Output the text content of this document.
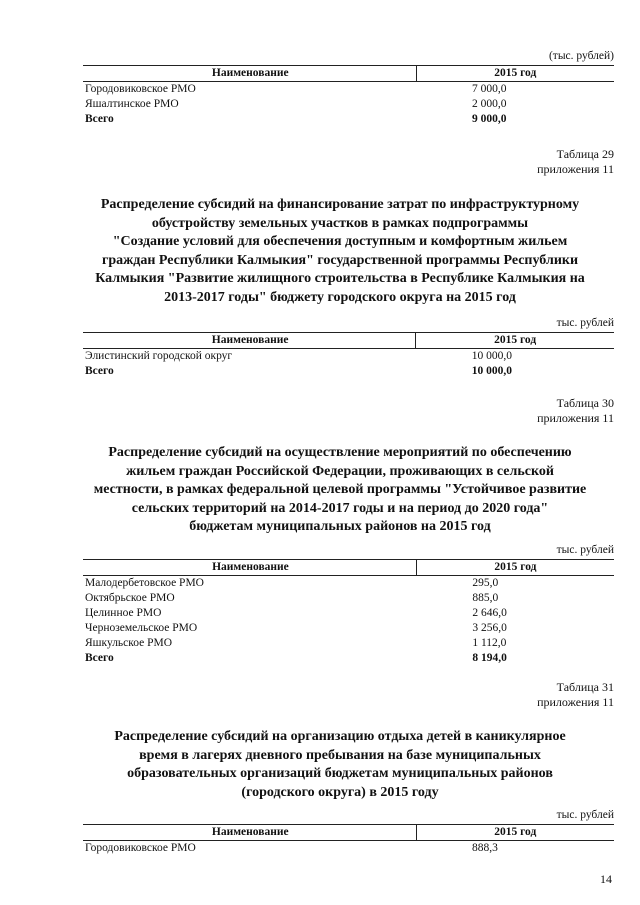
(тыс. рублей)
Наименование	2015 год
Городовиковское РМО	7 000,0
Яшалтинское РМО	2 000,0
Всего	9 000,0
Таблица 29
приложения 11
Распределение субсидий на финансирование затрат по инфраструктурному
обустройству земельных участков в рамках подпрограммы
"Создание условий для обеспечения доступным и комфортным жильем
граждан Республики Калмыкия" государственной программы Республики
Калмыкия "Развитие жилищного строительства в Республике Калмыкия на
2013-2017 годы" бюджету городского округа на 2015 год
тыс. рублей
Наименование	2015 год
Элистинский городской округ	10 000,0
Всего	10 000,0
Таблица 30
приложения 11
Распределение субсидий на осуществление мероприятий по обеспечению
жильем граждан Российской Федерации, проживающих в сельской
местности, в рамках федеральной целевой программы "Устойчивое развитие
сельских территорий на 2014-2017 годы и на период до 2020 года"
бюджетам муниципальных районов на 2015 год
тыс. рублей
Наименование	2015 год
Малодербетовское РМО	295,0
Октябрьское РМО	885,0
Целинное РМО	2 646,0
Черноземельское РМО	3 256,0
Яшкульское РМО	1 112,0
Всего	8 194,0
Таблица 31
приложения 11
Распределение субсидий на организацию отдыха детей в каникулярное
время в лагерях дневного пребывания на базе муниципальных
образовательных организаций бюджетам муниципальных районов
(городского округа) в 2015 году
тыс. рублей
Наименование	2015 год
Городовиковское РМО	888,3
14
